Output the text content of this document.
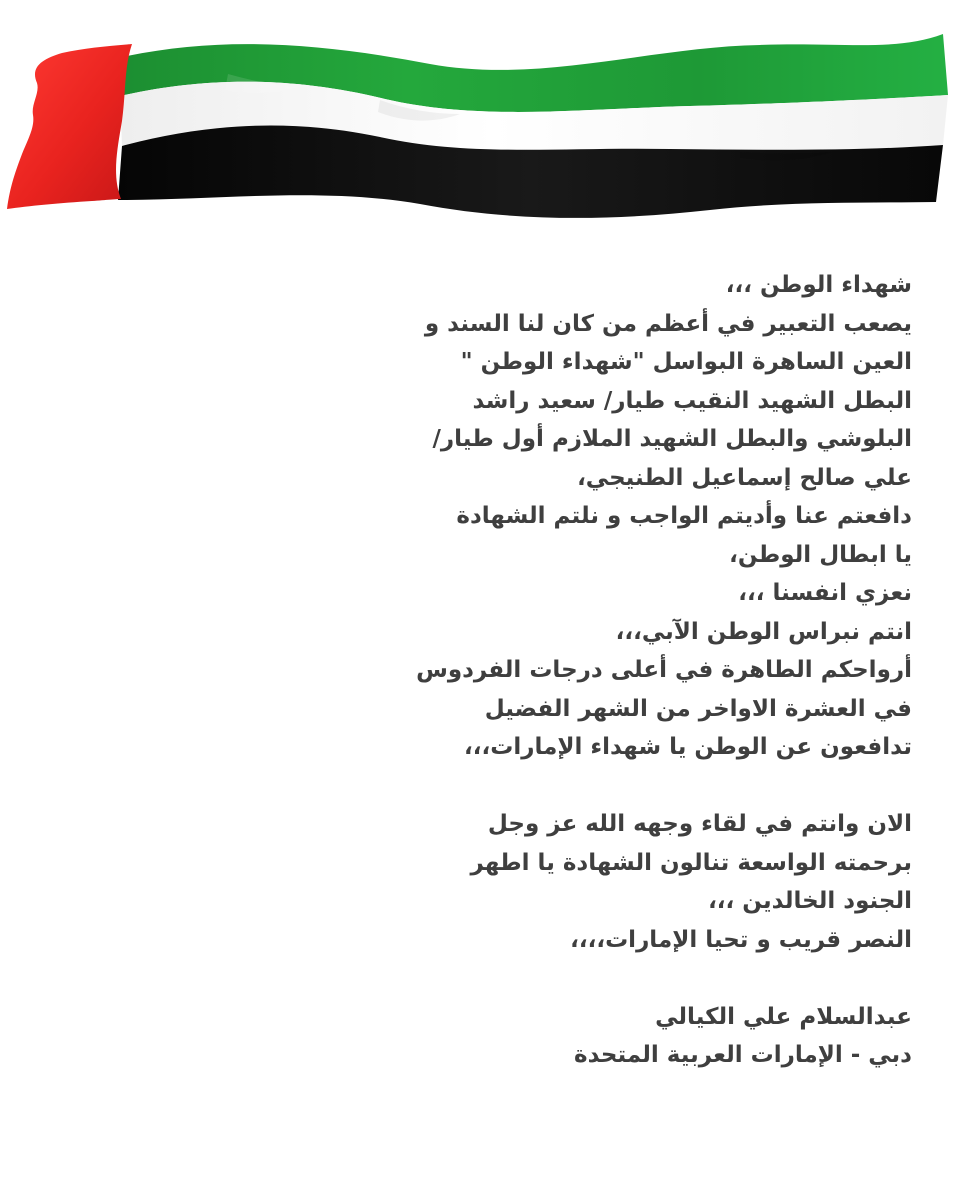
شهداء الوطن ،،،
يصعب التعبير في أعظم من كان لنا السند و
العين الساهرة البواسل "شهداء الوطن "
البطل الشهيد النقيب طيار/ سعيد راشد
البلوشي والبطل الشهيد الملازم أول طيار/
علي صالح إسماعيل الطنيجي،
دافعتم عنا وأديتم الواجب و نلتم الشهادة
يا ابطال الوطن،
نعزي انفسنا ،،،
انتم نبراس الوطن الآبي،،،
أرواحكم الطاهرة في أعلى درجات الفردوس
في العشرة الاواخر من الشهر الفضيل
تدافعون عن الوطن يا شهداء الإمارات،،،
الان وانتم في لقاء وجهه الله عز وجل
برحمته الواسعة تنالون الشهادة يا اطهر
الجنود الخالدين ،،،
النصر قريب و تحيا الإمارات،،،،
عبدالسلام علي الكيالي
دبي - الإمارات العربية المتحدة
